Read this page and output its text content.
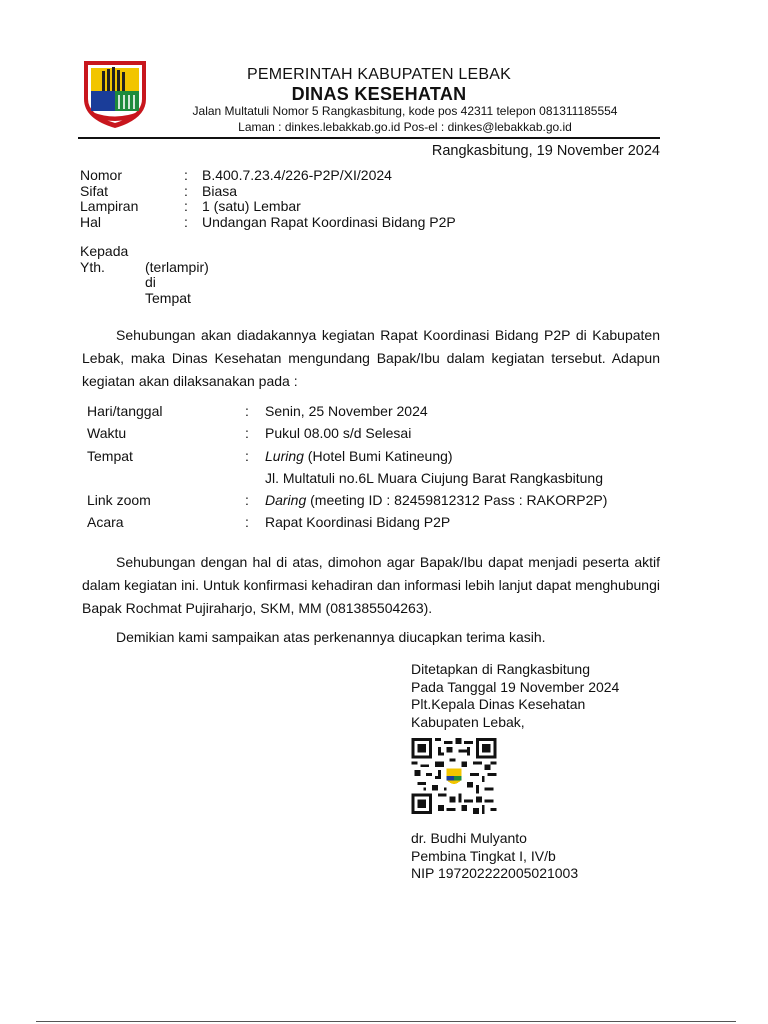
PEMERINTAH KABUPATEN LEBAK
DINAS KESEHATAN
Jalan Multatuli Nomor 5 Rangkasbitung, kode pos 42311 telepon 081311185554
Laman : dinkes.lebakkab.go.id Pos-el : dinkes@lebakkab.go.id
Rangkasbitung, 19 November 2024
Nomor	: B.400.7.23.4/226-P2P/XI/2024
Sifat	: Biasa
Lampiran	: 1 (satu) Lembar
Hal	: Undangan Rapat Koordinasi Bidang P2P
Kepada
Yth.	(terlampir)
di
Tempat
Sehubungan akan diadakannya kegiatan Rapat Koordinasi Bidang P2P di Kabupaten Lebak, maka Dinas Kesehatan mengundang Bapak/Ibu dalam kegiatan tersebut. Adapun kegiatan akan dilaksanakan pada :
Hari/tanggal	: Senin, 25 November 2024
Waktu	: Pukul 08.00 s/d Selesai
Tempat	: Luring (Hotel Bumi Katineung)
Jl. Multatuli no.6L Muara Ciujung Barat Rangkasbitung
Link zoom	: Daring (meeting ID : 82459812312 Pass : RAKORP2P)
Acara	: Rapat Koordinasi Bidang P2P
Sehubungan dengan hal di atas, dimohon agar Bapak/Ibu dapat menjadi peserta aktif dalam kegiatan ini. Untuk konfirmasi kehadiran dan informasi lebih lanjut dapat menghubungi Bapak Rochmat Pujiraharjo, SKM, MM (081385504263).
Demikian kami sampaikan atas perkenannya diucapkan terima kasih.
Ditetapkan di Rangkasbitung
Pada Tanggal 19 November 2024
Plt.Kepala Dinas Kesehatan
Kabupaten Lebak,
dr. Budhi Mulyanto
Pembina Tingkat I, IV/b
NIP 197202222005021003
